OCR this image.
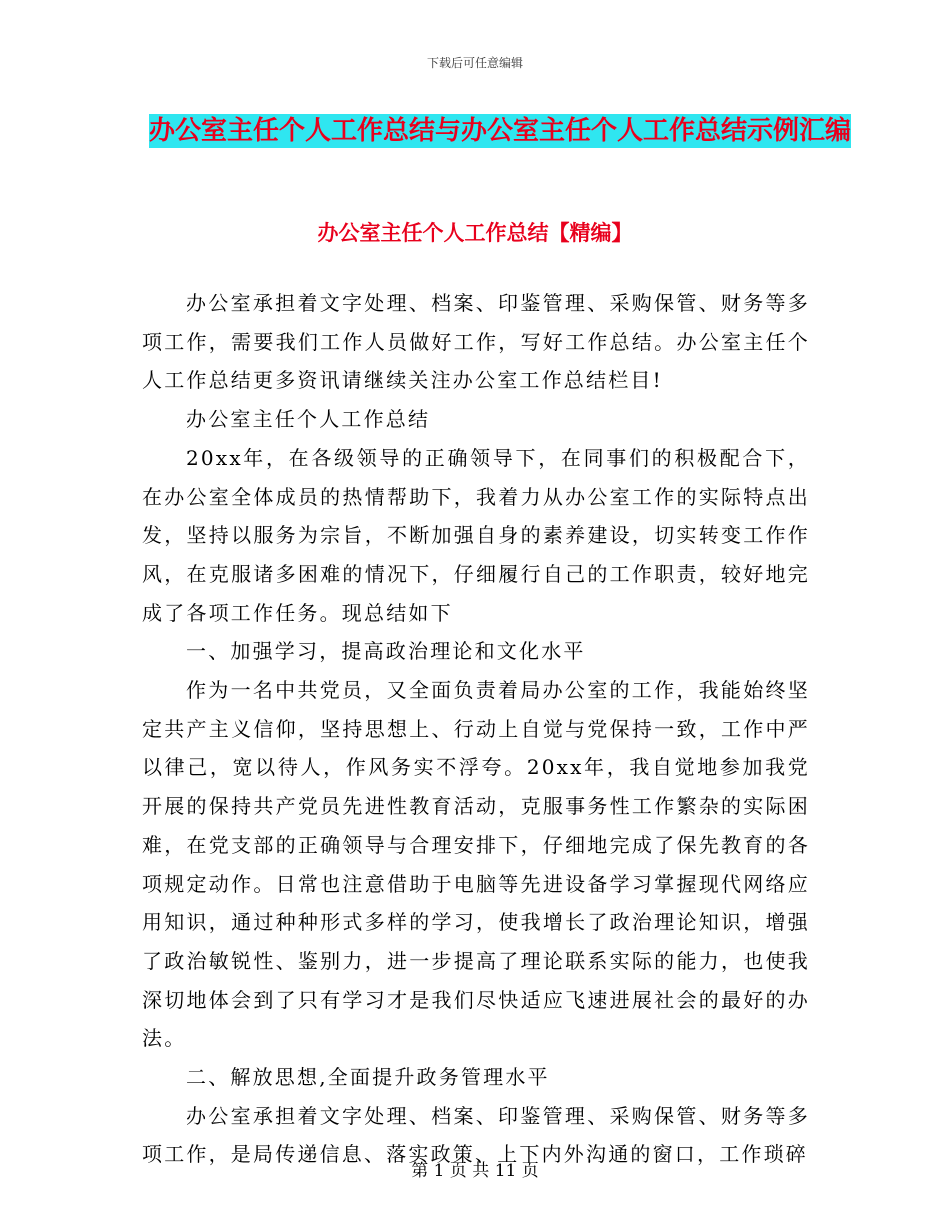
下载后可任意编辑
办公室主任个人工作总结与办公室主任个人工作总结示例汇编
办公室主任个人工作总结【精编】

办公室承担着文字处理、档案、印鉴管理、采购保管、财务等多项工作，需要我们工作人员做好工作，写好工作总结。办公室主任个人工作总结更多资讯请继续关注办公室工作总结栏目!

办公室主任个人工作总结

20xx年，在各级领导的正确领导下，在同事们的积极配合下，在办公室全体成员的热情帮助下，我着力从办公室工作的实际特点出发，坚持以服务为宗旨，不断加强自身的素养建设，切实转变工作作风，在克服诸多困难的情况下，仔细履行自己的工作职责，较好地完成了各项工作任务。现总结如下

一、加强学习，提高政治理论和文化水平

作为一名中共党员，又全面负责着局办公室的工作，我能始终坚定共产主义信仰，坚持思想上、行动上自觉与党保持一致，工作中严以律己，宽以待人，作风务实不浮夸。20xx年，我自觉地参加我党开展的保持共产党员先进性教育活动，克服事务性工作繁杂的实际困难，在党支部的正确领导与合理安排下，仔细地完成了保先教育的各项规定动作。日常也注意借助于电脑等先进设备学习掌握现代网络应用知识，通过种种形式多样的学习，使我增长了政治理论知识，增强了政治敏锐性、鉴别力，进一步提高了理论联系实际的能力，也使我深切地体会到了只有学习才是我们尽快适应飞速进展社会的最好的办法。

二、解放思想,全面提升政务管理水平

办公室承担着文字处理、档案、印鉴管理、采购保管、财务等多项工作，是局传递信息、落实政策、上下内外沟通的窗口，工作琐碎

第 1 页 共 11 页
